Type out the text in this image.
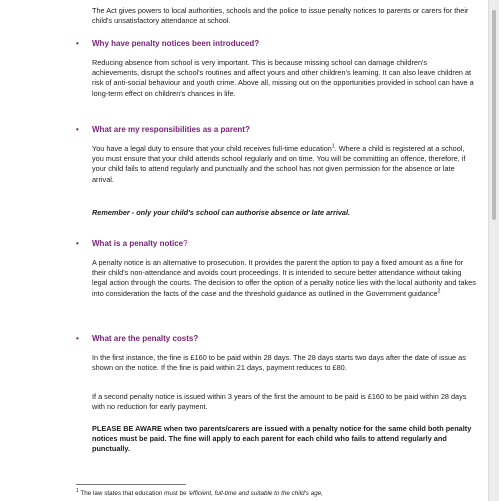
The Act gives powers to local authorities, schools and the police to issue penalty notices to parents or carers for their child's unsatisfactory attendance at school.

• Why have penalty notices been introduced?

Reducing absence from school is very important. This is because missing school can damage children's achievements, disrupt the school's routines and affect yours and other children's learning. It can also leave children at risk of anti-social behaviour and youth crime. Above all, missing out on the opportunities provided in school can have a long-term effect on children's chances in life.

• What are my responsibilities as a parent?

You have a legal duty to ensure that your child receives full-time education$^1$. Where a child is registered at a school, you must ensure that your child attends school regularly and on time. You will be committing an offence, therefore, if your child fails to attend regularly and punctually and the school has not given permission for the absence or late arrival.

Remember - only your child's school can authorise absence or late arrival.

• What is a penalty notice?

A penalty notice is an alternative to prosecution. It provides the parent the option to pay a fixed amount as a fine for their child's non-attendance and avoids court proceedings. It is intended to secure better attendance without taking legal action through the courts. The decision to offer the option of a penalty notice lies with the local authority and takes into consideration the facts of the case and the threshold guidance as outlined in the Government guidance$^2$

• What are the penalty costs?

In the first instance, the fine is £160 to be paid within 28 days. The 28 days starts two days after the date of issue as shown on the notice. If the fine is paid within 21 days, payment reduces to £80.

If a second penalty notice is issued within 3 years of the first the amount to be paid is £160 to be paid within 28 days with no reduction for early payment.

PLEASE BE AWARE when two parents/carers are issued with a penalty notice for the same child both penalty notices must be paid. The fine will apply to each parent for each child who fails to attend regularly and punctually.

$^1$ The law states that education must be 'efficient, full-time and suitable to the child's age,
